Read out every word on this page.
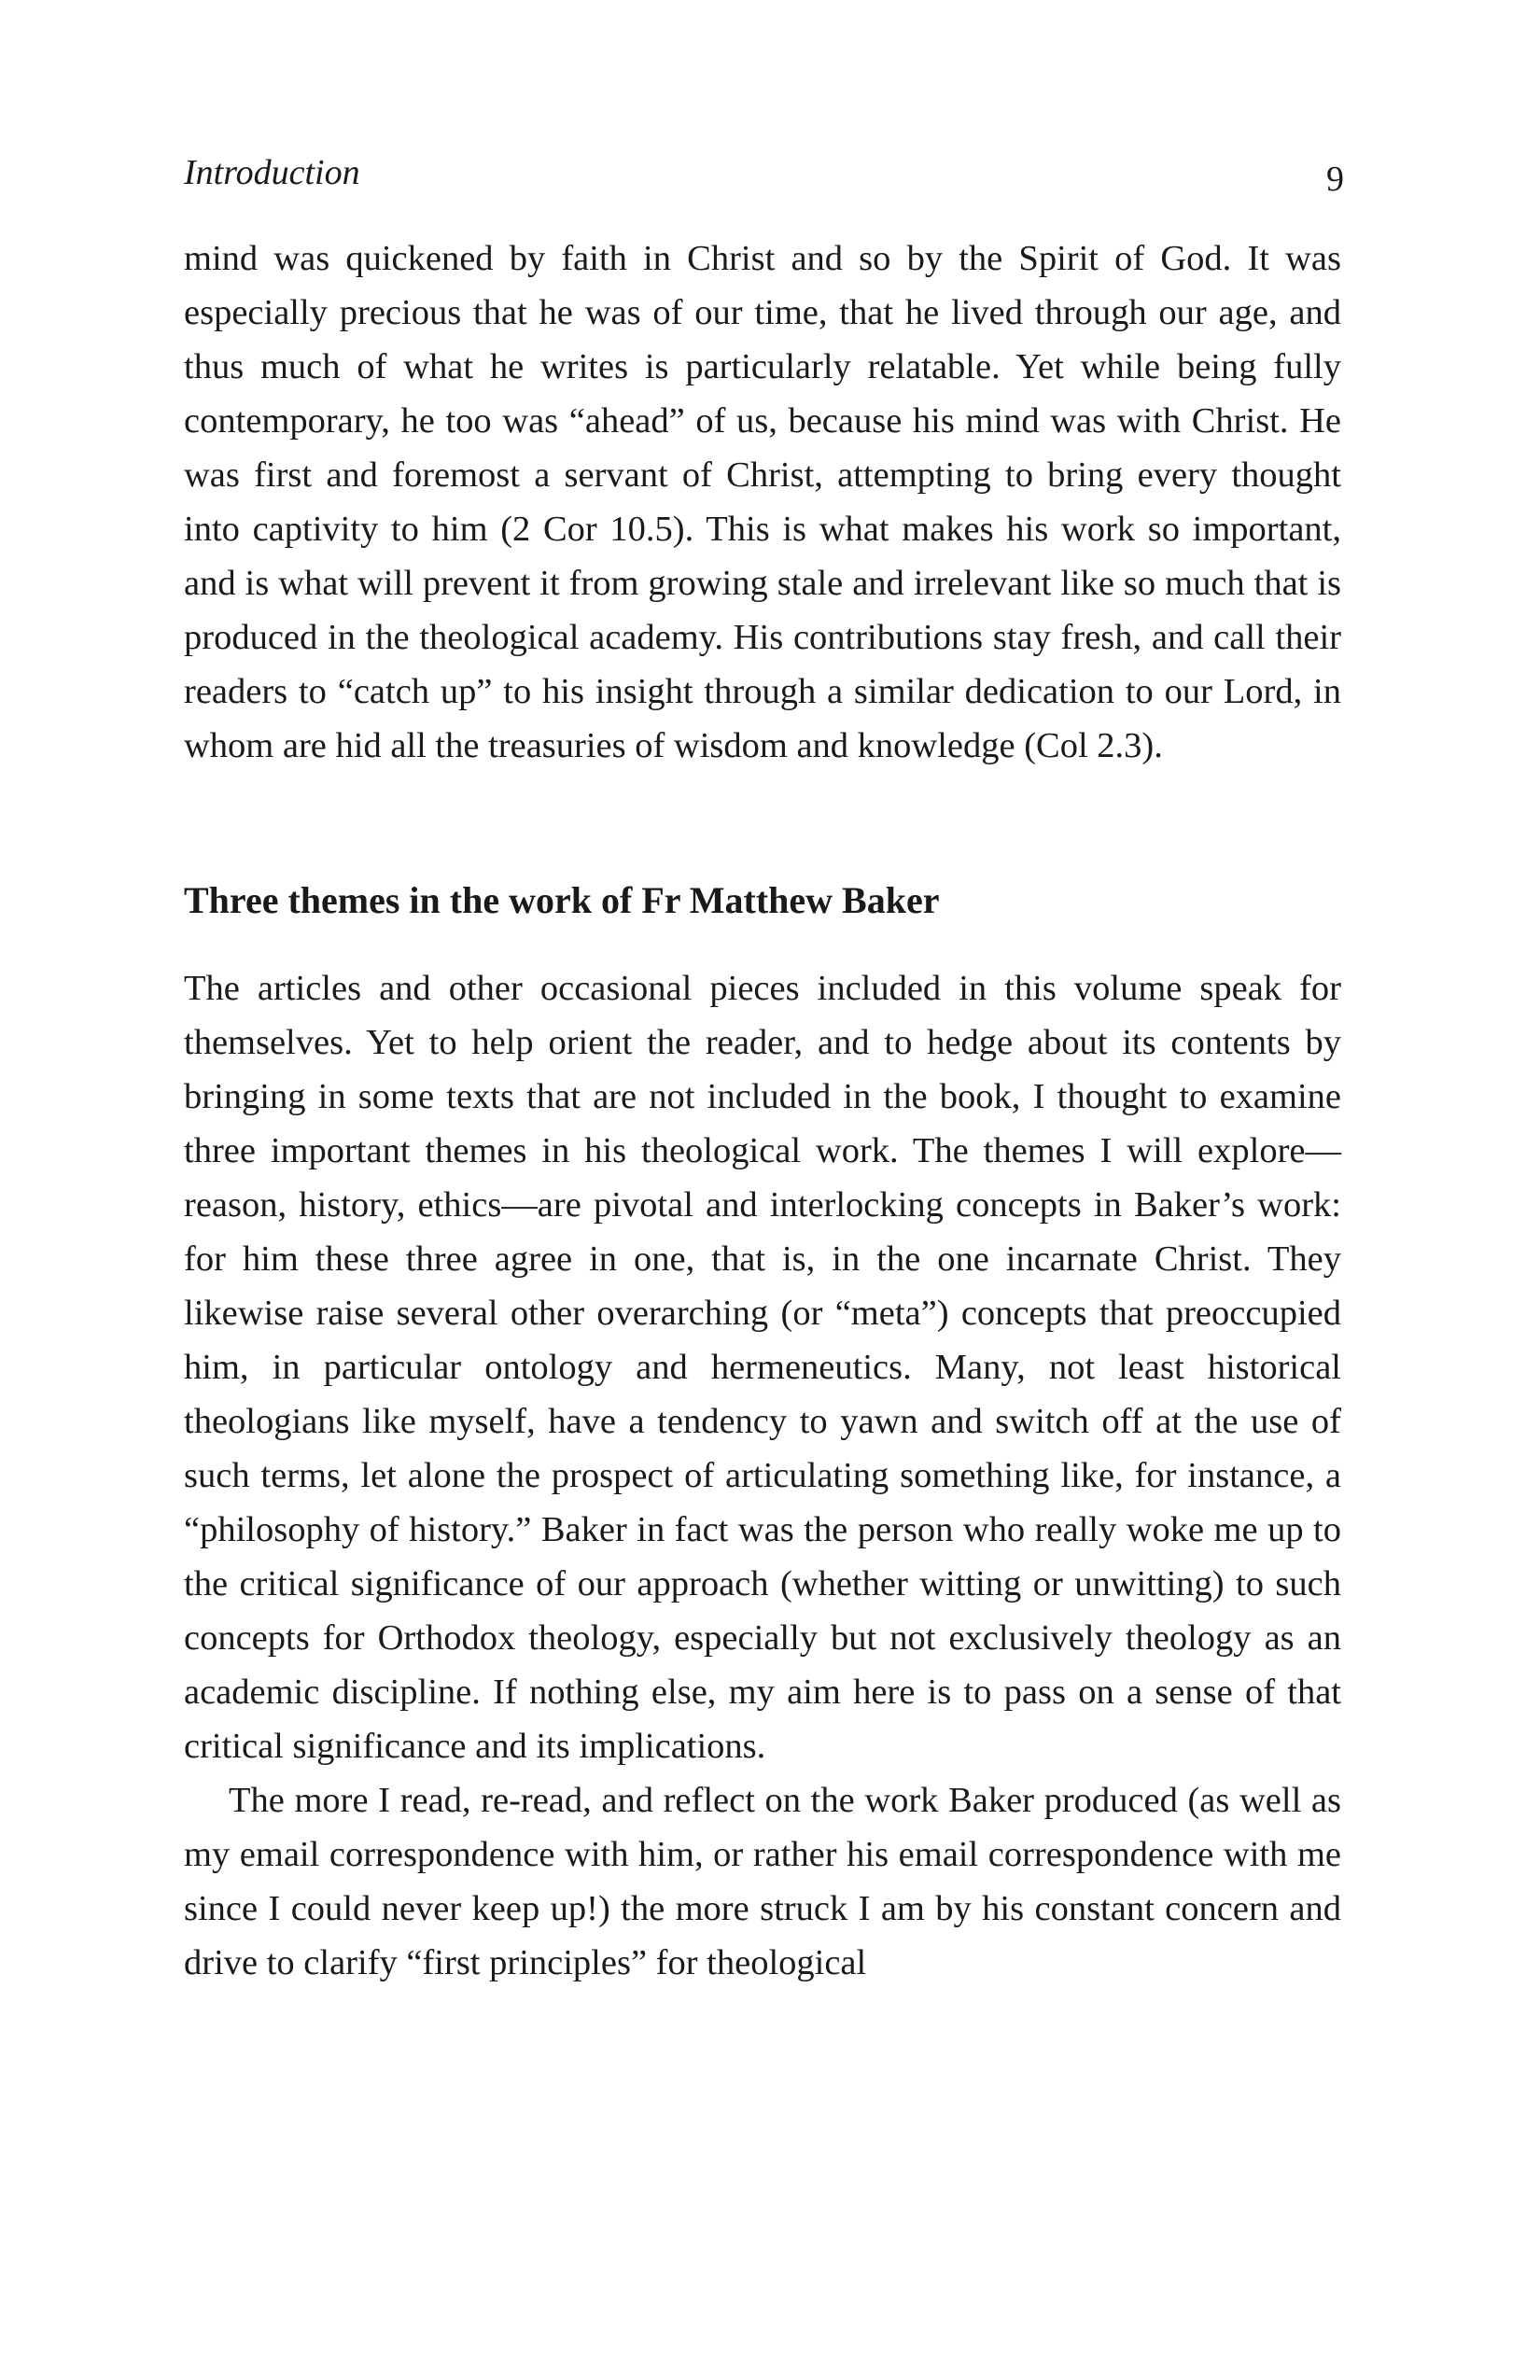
Introduction	9

mind was quickened by faith in Christ and so by the Spirit of God. It was especially precious that he was of our time, that he lived through our age, and thus much of what he writes is particularly relatable. Yet while being fully contemporary, he too was “ahead” of us, because his mind was with Christ. He was first and foremost a servant of Christ, attempting to bring every thought into captivity to him (2 Cor 10.5). This is what makes his work so important, and is what will prevent it from growing stale and irrelevant like so much that is produced in the theological academy. His contributions stay fresh, and call their readers to “catch up” to his insight through a similar dedication to our Lord, in whom are hid all the treasuries of wisdom and knowledge (Col 2.3).

Three themes in the work of Fr Matthew Baker

The articles and other occasional pieces included in this volume speak for themselves. Yet to help orient the reader, and to hedge about its contents by bringing in some texts that are not included in the book, I thought to examine three important themes in his theological work. The themes I will explore—reason, history, ethics—are pivotal and interlocking concepts in Baker’s work: for him these three agree in one, that is, in the one incarnate Christ. They likewise raise several other overarching (or “meta”) concepts that preoccupied him, in particular ontology and hermeneutics. Many, not least historical theologians like myself, have a tendency to yawn and switch off at the use of such terms, let alone the prospect of articulating something like, for instance, a “philosophy of history.” Baker in fact was the person who really woke me up to the critical significance of our approach (whether witting or unwitting) to such concepts for Orthodox theology, especially but not exclusively theology as an academic discipline. If nothing else, my aim here is to pass on a sense of that critical significance and its implications.

The more I read, re-read, and reflect on the work Baker produced (as well as my email correspondence with him, or rather his email correspondence with me since I could never keep up!) the more struck I am by his constant concern and drive to clarify “first principles” for theological
